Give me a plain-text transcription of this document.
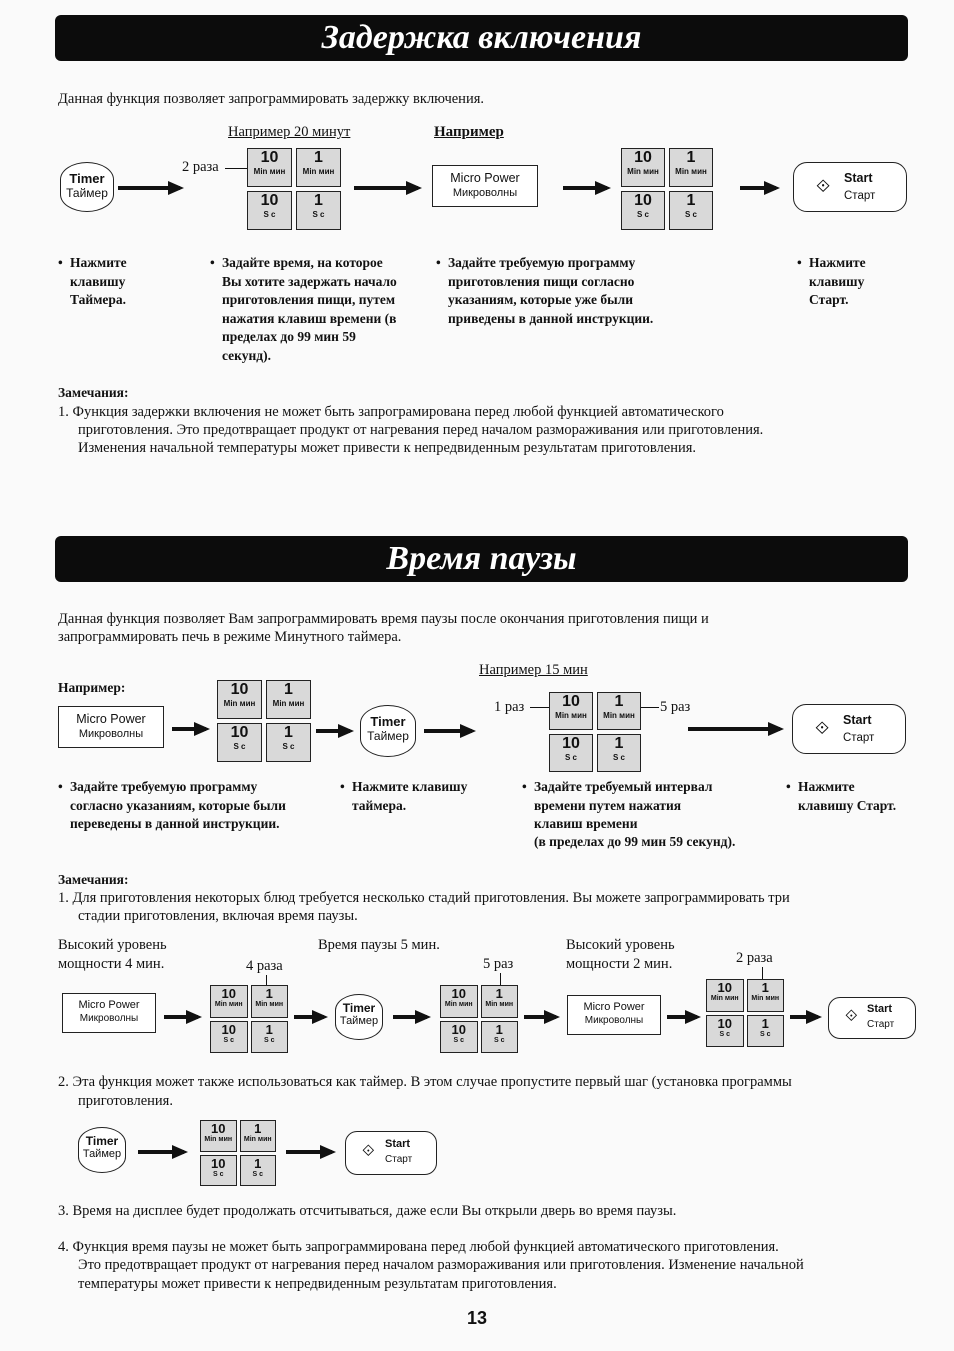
Задержка включения
Данная функция позволяет запрограммировать задержку включения.
Например 20 минут	Например
Timer
Таймер
2 раза
10
Min мин
1
Min мин
10
S c
1
S c
Micro Power
Микроволны
10
Min мин
1
Min мин
10
S c
1
S c
⟐ Start
Старт
• Нажмите клавишу Таймера.
• Задайте время, на которое Вы хотите задержать начало приготовления пищи, путем нажатия клавиш времени (в пределах до 99 мин 59 секунд).
• Задайте требуемую программу приготовления пищи согласно указаниям, которые уже были приведены в данной инструкции.
• Нажмите клавишу Старт.
Замечания:
1. Функция задержки включения не может быть запрограмирована перед любой функцией автоматического
приготовления. Это предотвращает продукт от нагревания перед началом размораживания или приготовления.
Изменения начальной температуры может привести к непредвиденным результатам приготовления.
Время паузы
Данная функция позволяет Вам запрограммировать время паузы после окончания приготовления пищи и
запрограммировать печь в режиме Минутного таймера.
Например 15 мин
Например:
Micro Power
Микроволны
10
Min мин
1
Min мин
10
S c
1
S c
Timer
Таймер
1 раз	10
Min мин
1
Min мин
10
S c
1
S c
5 раз
⟐ Start
Старт
• Задайте требуемую программу согласно указаниям, которые были переведены в данной инструкции.
• Нажмите клавишу таймера.
• Задайте требуемый интервал времени путем нажатия клавиш времени
(в пределах до 99 мин 59 секунд).
• Нажмите клавишу Старт.
Замечания:
1. Для приготовления некоторых блюд требуется несколько стадий приготовления. Вы можете запрограммировать три
стадии приготовления, включая время паузы.
Высокий уровень
мощности 4 мин.
Время паузы 5 мин.	Высокий уровень
мощности 2 мин.
4 раза	5 раз	2 раза
Micro Power
Микроволны
10
Min мин
1
Min мин
10
S c
1
S c
Timer
Таймер
10
Min мин
1
Min мин
10
S c
1
S c
Micro Power
Микроволны
10
Min мин
1
Min мин
10
S c
1
S c
⟐ Start
Старт
2. Эта функция может также использоваться как таймер. В этом случае пропустите первый шаг (установка программы
приготовления.
Timer
Таймер
10
Min мин
1
Min мин
10
S c
1
S c
⟐ Start
Старт
3. Время на дисплее будет продолжать отсчитываться, даже если Вы открыли дверь во время паузы.
4. Функция время паузы не может быть запрограммирована перед любой функцией автоматического приготовления.
Это предотвращает продукт от нагревания перед началом размораживания или приготовления. Изменение начальной
температуры может привести к непредвиденным результатам приготовления.
13
